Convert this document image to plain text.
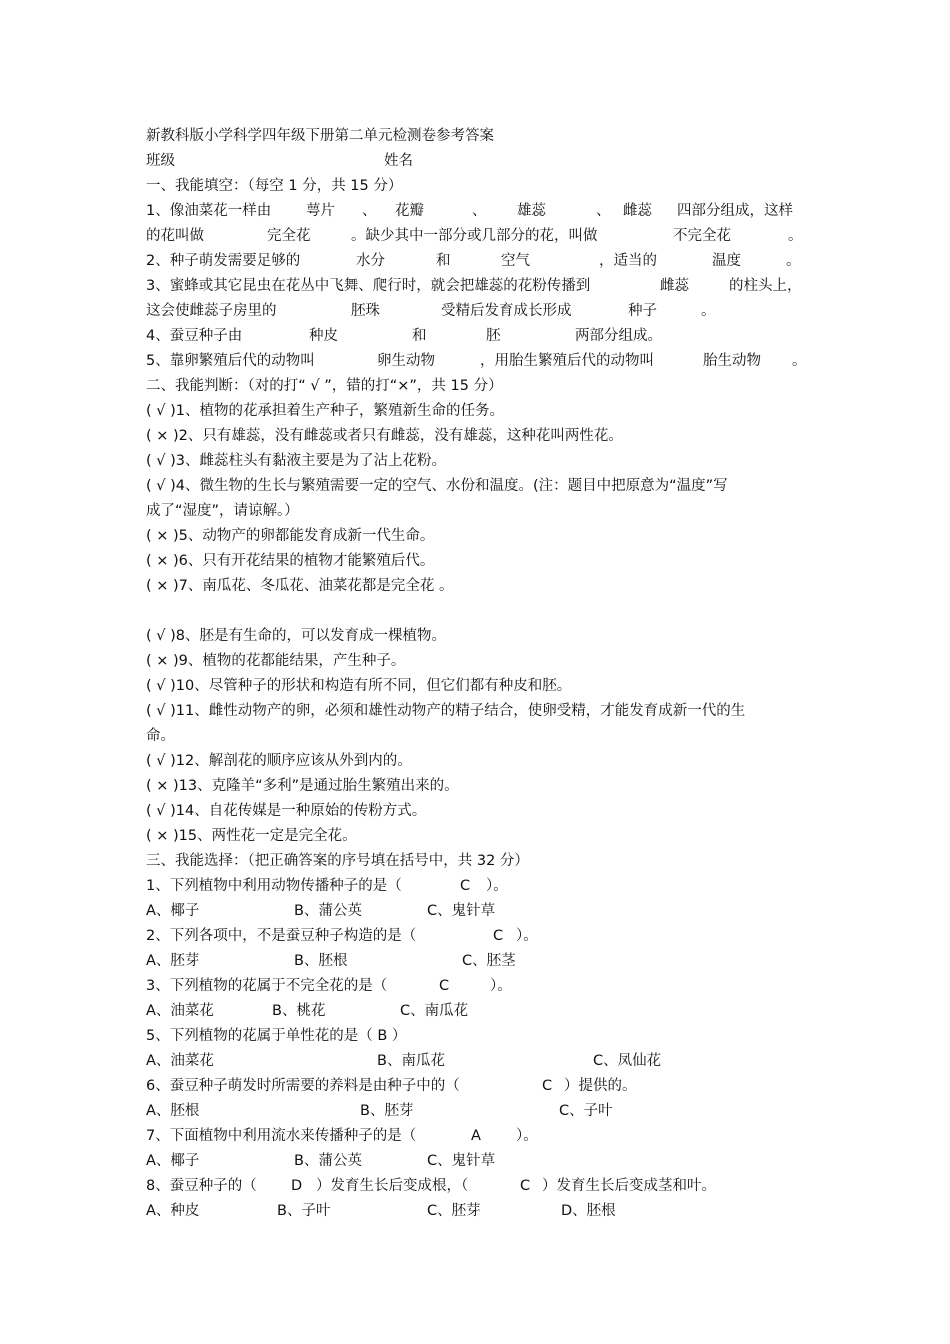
新教科版小学科学四年级下册第二单元检测卷参考答案
班级	姓名
一、我能填空：（每空 1 分，共 15 分）
1、像油菜花一样由 萼片 、 花瓣	、 雄蕊	、 雌蕊 四部分组成，这样
的花叫做	完全花	。缺少其中一部分或几部分的花，叫做	不完全花	。
2、种子萌发需要足够的	水分	和	空气	，适当的	温度	。
3、蜜蜂或其它昆虫在花丛中飞舞、爬行时，就会把雄蕊的花粉传播到	雌蕊	的柱头上，
这会使雌蕊子房里的	胚珠	受精后发育成长形成	种子	。
4、蚕豆种子由	种皮	和	胚	两部分组成。
5、靠卵繁殖后代的动物叫	卵生动物	，用胎生繁殖后代的动物叫	胎生动物 。
二、我能判断：（对的打“ √ ”，错的打“×”，共 15 分）
( √ )1、植物的花承担着生产种子，繁殖新生命的任务。
( × )2、只有雄蕊，没有雌蕊或者只有雌蕊，没有雄蕊，这种花叫两性花。
( √ )3、雌蕊柱头有黏液主要是为了沾上花粉。
( √ )4、微生物的生长与繁殖需要一定的空气、水份和温度。(注：题目中把原意为“温度”写
成了“湿度”，请谅解。）
( × )5、动物产的卵都能发育成新一代生命。
( × )6、只有开花结果的植物才能繁殖后代。
( × )7、南瓜花、冬瓜花、油菜花都是完全花 。
( √ )8、胚是有生命的，可以发育成一棵植物。
( × )9、植物的花都能结果，产生种子。
( √ )10、尽管种子的形状和构造有所不同，但它们都有种皮和胚。
( √ )11、雌性动物产的卵，必须和雄性动物产的精子结合，使卵受精，才能发育成新一代的生
命。
( √ )12、解剖花的顺序应该从外到内的。
( × )13、克隆羊“多利”是通过胎生繁殖出来的。
( √ )14、自花传媒是一种原始的传粉方式。
( × )15、两性花一定是完全花。
三、我能选择：（把正确答案的序号填在括号中，共 32 分）
1、下列植物中利用动物传播种子的是（	C ）。
A、椰子	B、蒲公英	C、鬼针草
2、下列各项中，不是蚕豆种子构造的是（	C ）。
A、胚芽	B、胚根	C、胚茎
3、下列植物的花属于不完全花的是（	C	）。
A、油菜花	B、桃花	C、南瓜花
5、下列植物的花属于单性花的是（ B ）
A、油菜花	B、南瓜花	C、凤仙花
6、蚕豆种子萌发时所需要的养料是由种子中的（	C ）提供的。
A、胚根	B、胚芽	C、子叶
7、下面植物中利用流水来传播种子的是（	A ）。
A、椰子	B、蒲公英	C、鬼针草
8、蚕豆种子的（ D ）发育生长后变成根，（	C ）发育生长后变成茎和叶。
A、种皮	B、子叶	C、胚芽	D、胚根
